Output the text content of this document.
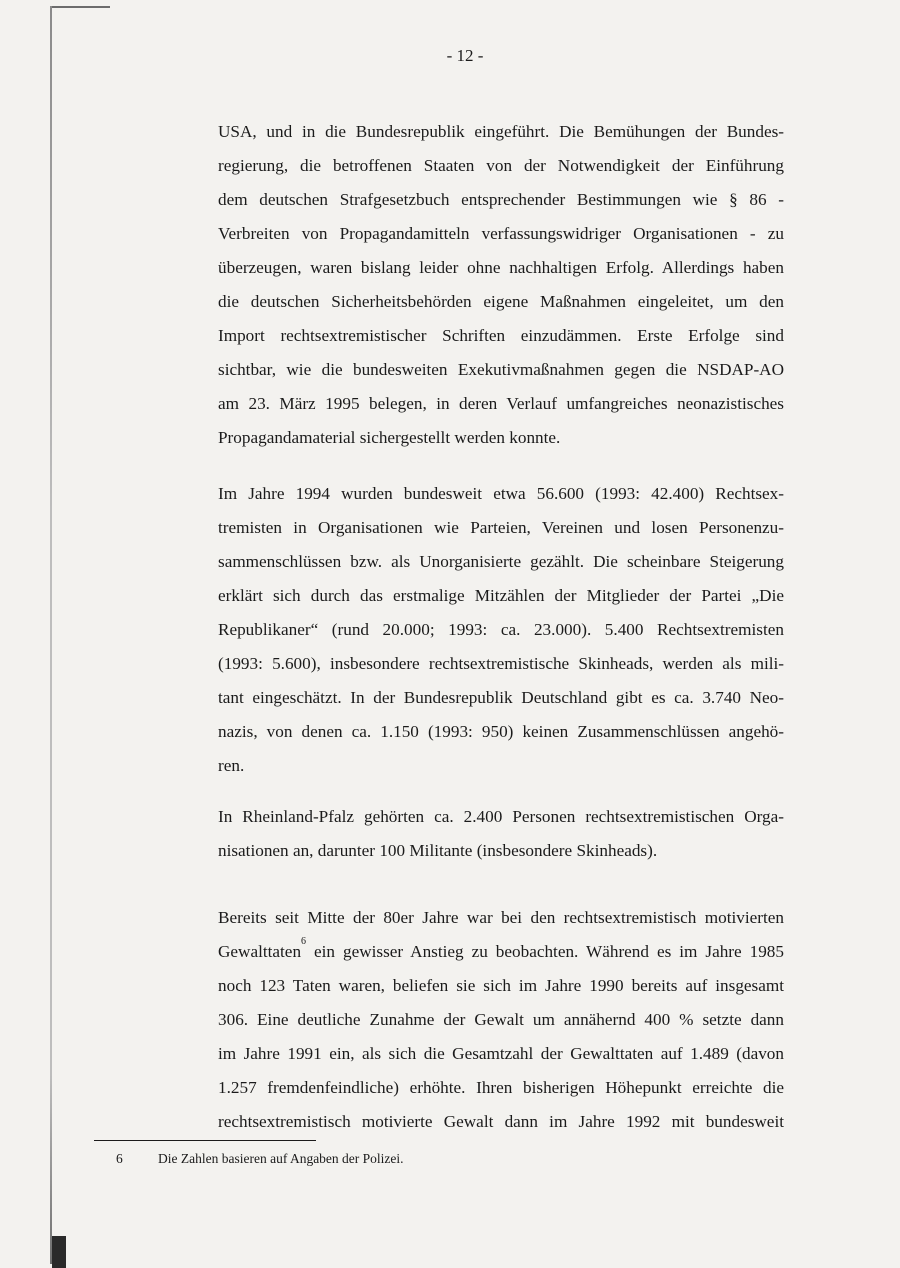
- 12 -

USA, und in die Bundesrepublik eingeführt. Die Bemühungen der Bundes-
regierung, die betroffenen Staaten von der Notwendigkeit der Einführung
dem deutschen Strafgesetzbuch entsprechender Bestimmungen wie § 86 -
Verbreiten von Propagandamitteln verfassungswidriger Organisationen - zu
überzeugen, waren bislang leider ohne nachhaltigen Erfolg. Allerdings haben
die deutschen Sicherheitsbehörden eigene Maßnahmen eingeleitet, um den
Import rechtsextremistischer Schriften einzudämmen. Erste Erfolge sind
sichtbar, wie die bundesweiten Exekutivmaßnahmen gegen die NSDAP-AO
am 23. März 1995 belegen, in deren Verlauf umfangreiches neonazistisches
Propagandamaterial sichergestellt werden konnte.

Im Jahre 1994 wurden bundesweit etwa 56.600 (1993: 42.400) Rechtsex-
tremisten in Organisationen wie Parteien, Vereinen und losen Personenzu-
sammenschlüssen bzw. als Unorganisierte gezählt. Die scheinbare Steigerung
erklärt sich durch das erstmalige Mitzählen der Mitglieder der Partei „Die
Republikaner“ (rund 20.000; 1993: ca. 23.000). 5.400 Rechtsextremisten
(1993: 5.600), insbesondere rechtsextremistische Skinheads, werden als mili-
tant eingeschätzt. In der Bundesrepublik Deutschland gibt es ca. 3.740 Neo-
nazis, von denen ca. 1.150 (1993: 950) keinen Zusammenschlüssen angehö-
ren.

In Rheinland-Pfalz gehörten ca. 2.400 Personen rechtsextremistischen Orga-
nisationen an, darunter 100 Militante (insbesondere Skinheads).

Bereits seit Mitte der 80er Jahre war bei den rechtsextremistisch motivierten
Gewalttaten$^6$ ein gewisser Anstieg zu beobachten. Während es im Jahre 1985
noch 123 Taten waren, beliefen sie sich im Jahre 1990 bereits auf insgesamt
306. Eine deutliche Zunahme der Gewalt um annähernd 400 % setzte dann
im Jahre 1991 ein, als sich die Gesamtzahl der Gewalttaten auf 1.489 (davon
1.257 fremdenfeindliche) erhöhte. Ihren bisherigen Höhepunkt erreichte die
rechtsextremistisch motivierte Gewalt dann im Jahre 1992 mit bundesweit

6	Die Zahlen basieren auf Angaben der Polizei.
